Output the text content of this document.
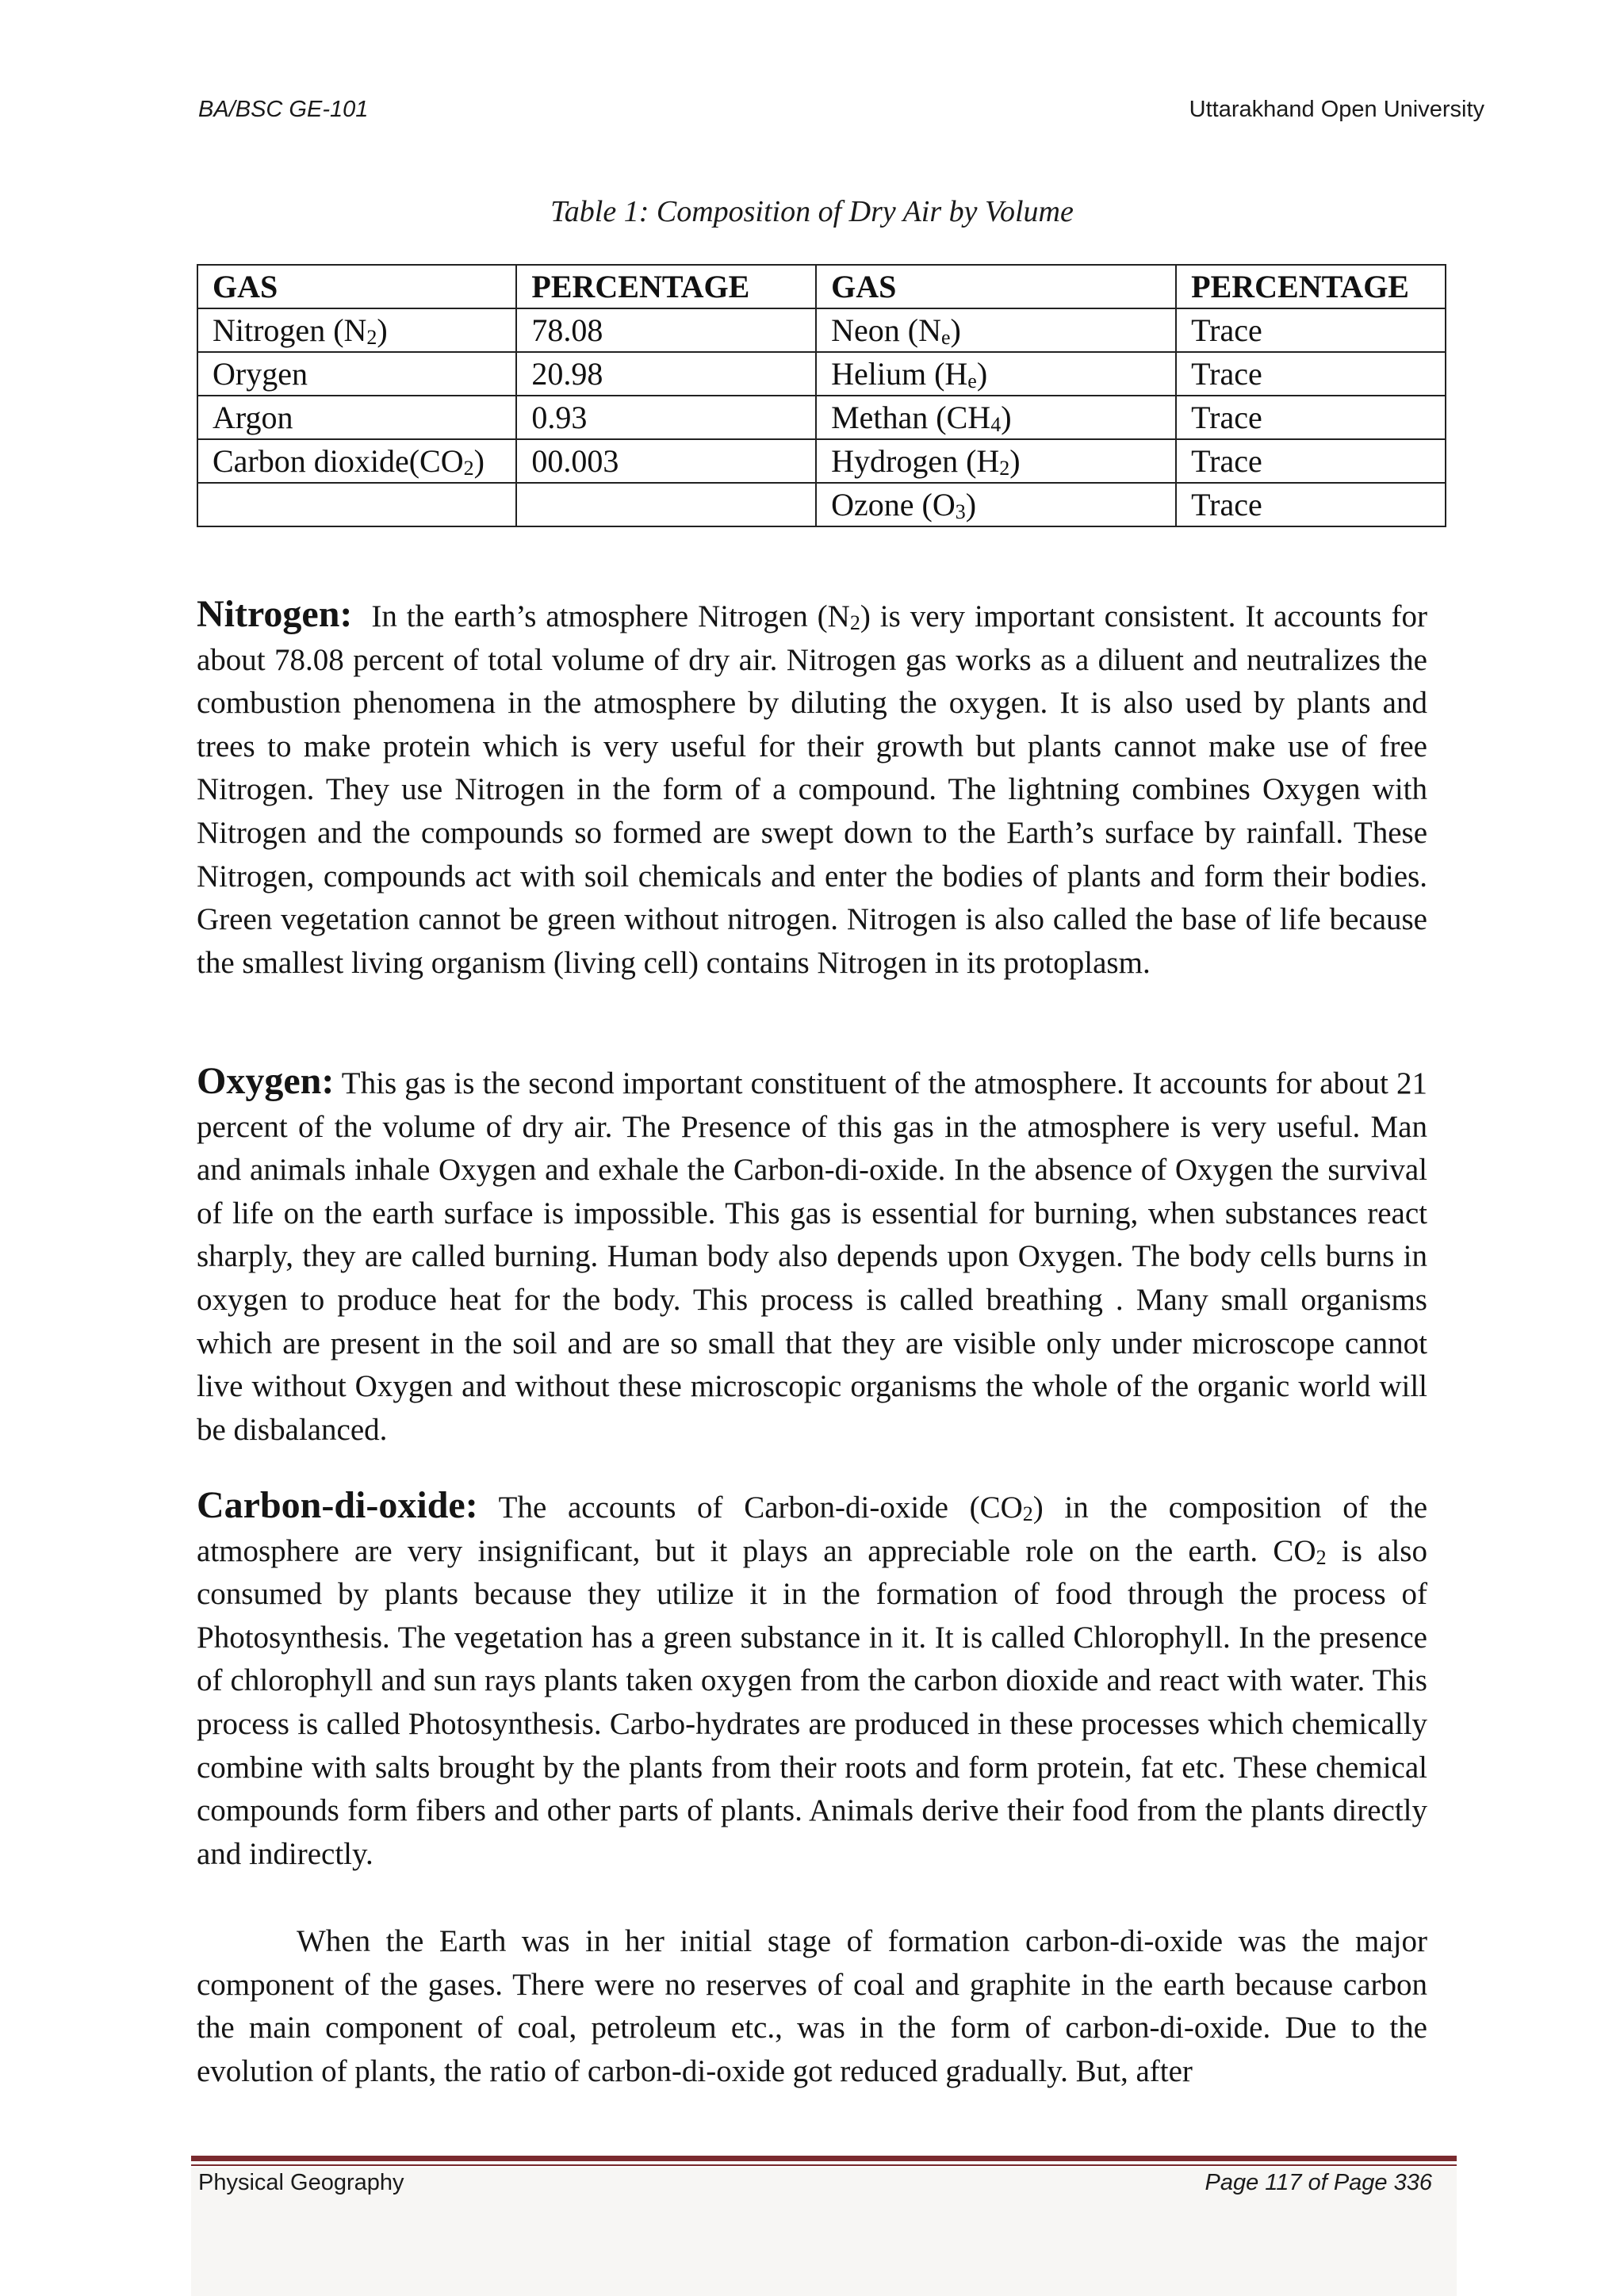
BA/BSC GE-101	Uttarakhand Open University
Table 1: Composition of Dry Air by Volume
GAS	PERCENTAGE	GAS	PERCENTAGE
Nitrogen $(N_2)$	78.08	Neon $(N_e)$	Trace
Orygen	20.98	Helium $(H_e)$	Trace
Argon	0.93	Methan $(CH_4)$	Trace
Carbon $dioxide(CO_2)$	00.003	Hydrogen $(H_2)$	Trace
		Ozone $(O_3)$	Trace

Nitrogen: In the earth’s atmosphere Nitrogen $(N_2)$ is very important consistent. It accounts for about 78.08 percent of total volume of dry air. Nitrogen gas works as a diluent and neutralizes the combustion phenomena in the atmosphere by diluting the oxygen. It is also used by plants and trees to make protein which is very useful for their growth but plants cannot make use of free Nitrogen. They use Nitrogen in the form of a compound. The lightning combines Oxygen with Nitrogen and the compounds so formed are swept down to the Earth’s surface by rainfall. These Nitrogen, compounds act with soil chemicals and enter the bodies of plants and form their bodies. Green vegetation cannot be green without nitrogen. Nitrogen is also called the base of life because the smallest living organism (living cell) contains Nitrogen in its protoplasm.

Oxygen: This gas is the second important constituent of the atmosphere. It accounts for about 21 percent of the volume of dry air. The Presence of this gas in the atmosphere is very useful. Man and animals inhale Oxygen and exhale the Carbon-di-oxide. In the absence of Oxygen the survival of life on the earth surface is impossible. This gas is essential for burning, when substances react sharply, they are called burning. Human body also depends upon Oxygen. The body cells burns in oxygen to produce heat for the body. This process is called breathing . Many small organisms which are present in the soil and are so small that they are visible only under microscope cannot live without Oxygen and without these microscopic organisms the whole of the organic world will be disbalanced.

Carbon-di-oxide: The accounts of Carbon-di-oxide $(CO_2)$ in the composition of the atmosphere are very insignificant, but it plays an appreciable role on the earth. $CO_2$ is also consumed by plants because they utilize it in the formation of food through the process of Photosynthesis. The vegetation has a green substance in it. It is called Chlorophyll. In the presence of chlorophyll and sun rays plants taken oxygen from the carbon dioxide and react with water. This process is called Photosynthesis. Carbo-hydrates are produced in these processes which chemically combine with salts brought by the plants from their roots and form protein, fat etc. These chemical compounds form fibers and other parts of plants. Animals derive their food from the plants directly and indirectly.

When the Earth was in her initial stage of formation carbon-di-oxide was the major component of the gases. There were no reserves of coal and graphite in the earth because carbon the main component of coal, petroleum etc., was in the form of carbon-di-oxide. Due to the evolution of plants, the ratio of carbon-di-oxide got reduced gradually. But, after

Physical Geography	Page 117 of Page 336
